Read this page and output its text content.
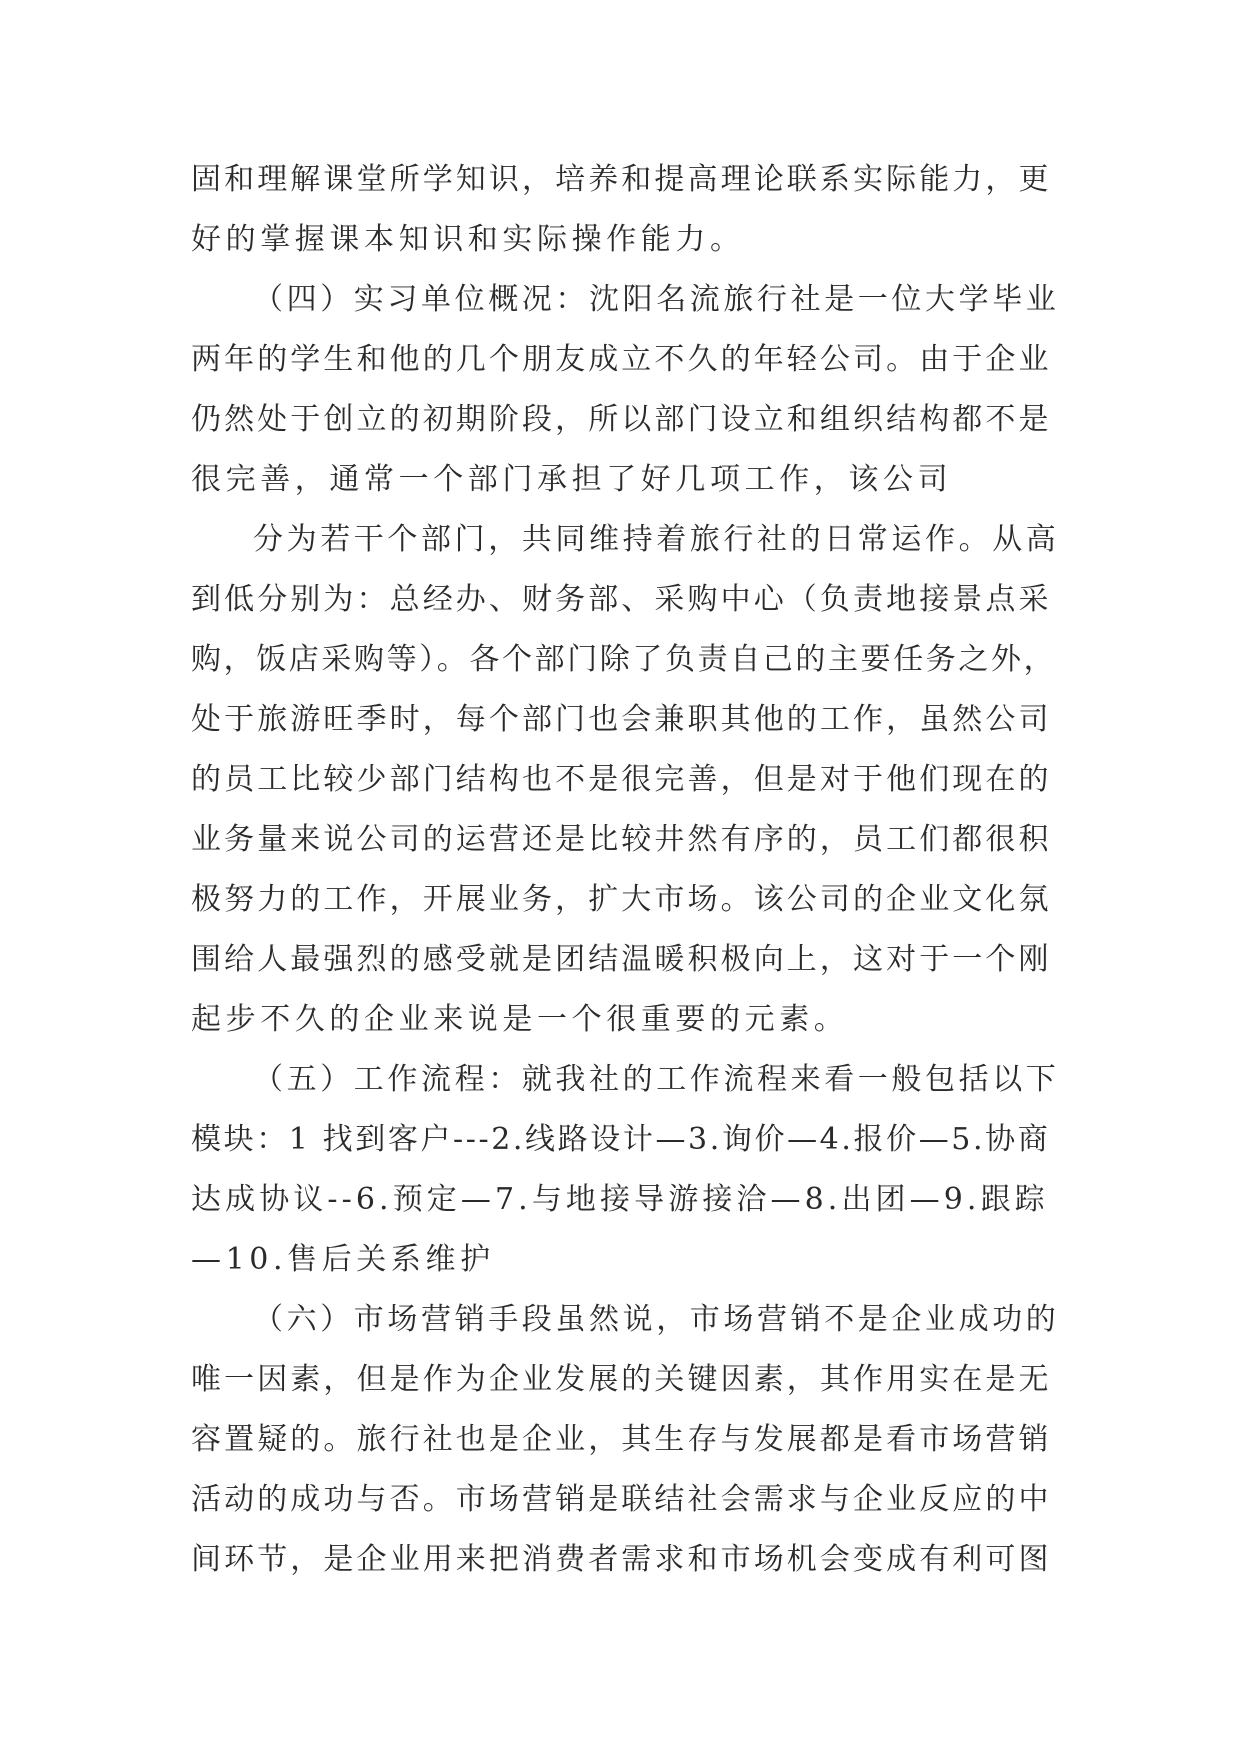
固和理解课堂所学知识，培养和提高理论联系实际能力，更
好的掌握课本知识和实际操作能力。
（四）实习单位概况：沈阳名流旅行社是一位大学毕业
两年的学生和他的几个朋友成立不久的年轻公司。由于企业
仍然处于创立的初期阶段，所以部门设立和组织结构都不是
很完善，通常一个部门承担了好几项工作，该公司
分为若干个部门，共同维持着旅行社的日常运作。从高
到低分别为：总经办、财务部、采购中心（负责地接景点采
购，饭店采购等）。各个部门除了负责自己的主要任务之外，
处于旅游旺季时，每个部门也会兼职其他的工作，虽然公司
的员工比较少部门结构也不是很完善，但是对于他们现在的
业务量来说公司的运营还是比较井然有序的，员工们都很积
极努力的工作，开展业务，扩大市场。该公司的企业文化氛
围给人最强烈的感受就是团结温暖积极向上，这对于一个刚
起步不久的企业来说是一个很重要的元素。
（五）工作流程：就我社的工作流程来看一般包括以下
模块：1 找到客户---2.线路设计—3.询价—4.报价—5.协商
达成协议--6.预定—7.与地接导游接洽—8.出团—9.跟踪
—10.售后关系维护
（六）市场营销手段虽然说，市场营销不是企业成功的
唯一因素，但是作为企业发展的关键因素，其作用实在是无
容置疑的。旅行社也是企业，其生存与发展都是看市场营销
活动的成功与否。市场营销是联结社会需求与企业反应的中
间环节，是企业用来把消费者需求和市场机会变成有利可图
